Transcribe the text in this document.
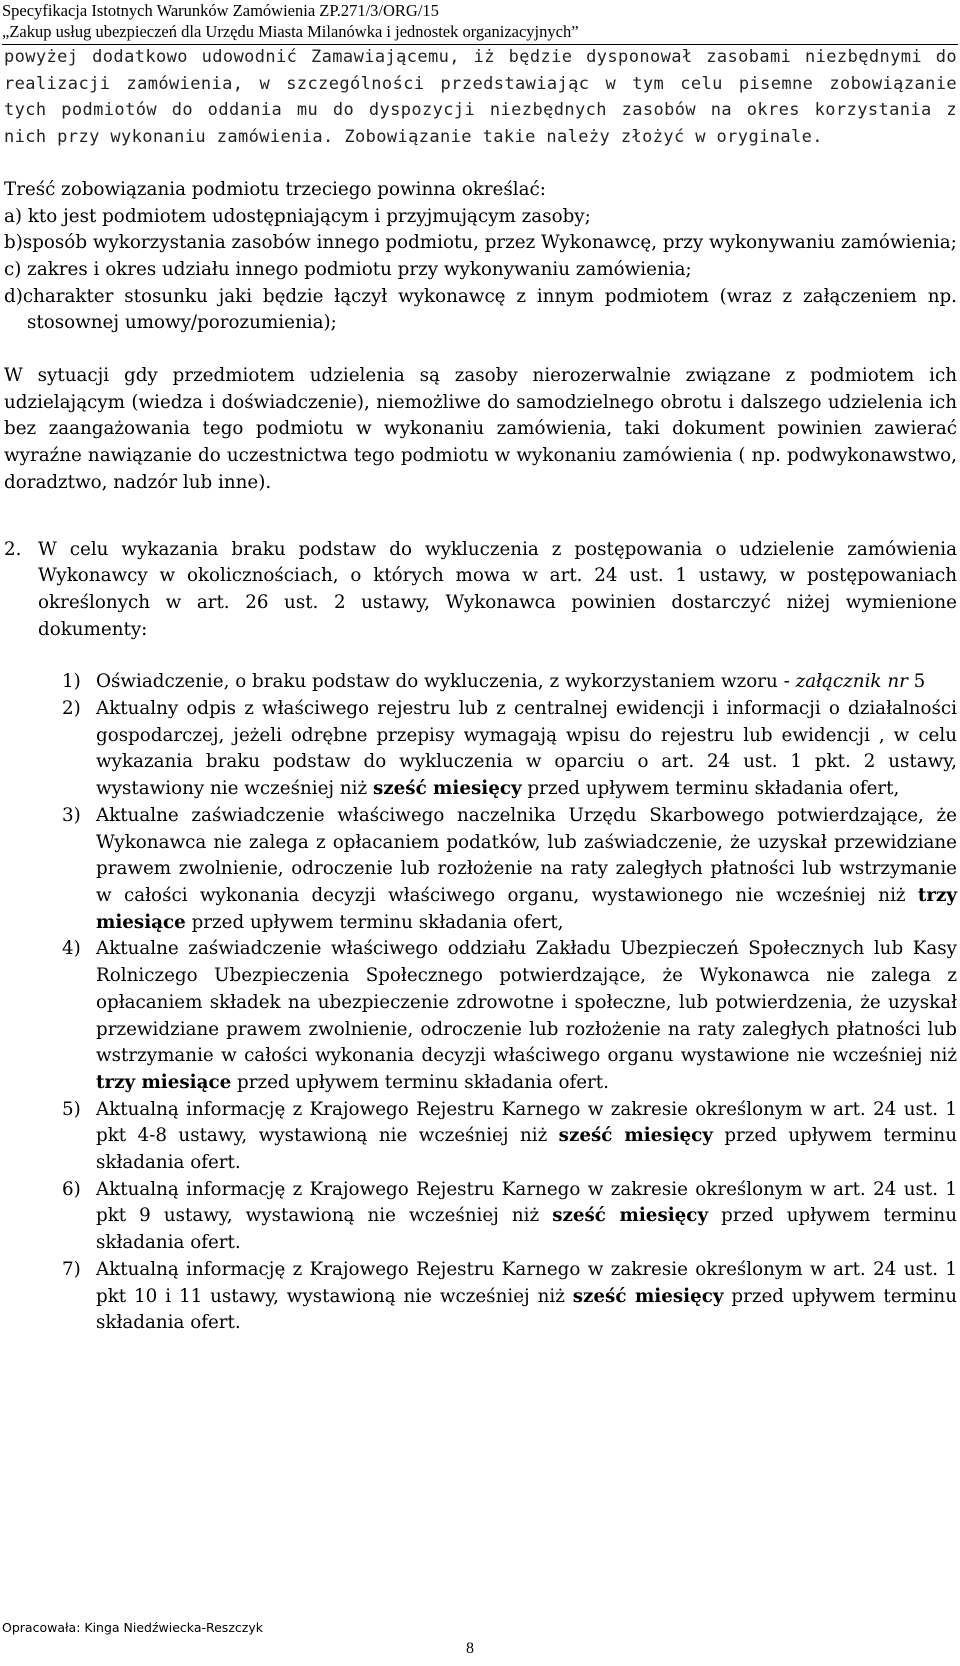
Specyfikacja Istotnych Warunków Zamówienia ZP.271/3/ORG/15
„Zakup usług ubezpieczeń dla Urzędu Miasta Milanówka i jednostek organizacyjnych”

powyżej dodatkowo udowodnić Zamawiającemu, iż będzie dysponował zasobami niezbędnymi do realizacji zamówienia, w szczególności przedstawiając w tym celu pisemne zobowiązanie tych podmiotów do oddania mu do dyspozycji niezbędnych zasobów na okres korzystania z nich przy wykonaniu zamówienia. Zobowiązanie takie należy złożyć w oryginale.

Treść zobowiązania podmiotu trzeciego powinna określać:

a) kto jest podmiotem udostępniającym i przyjmującym zasoby;

b)sposób wykorzystania zasobów innego podmiotu, przez Wykonawcę, przy wykonywaniu zamówienia;

c) zakres i okres udziału innego podmiotu przy wykonywaniu zamówienia;

d)charakter stosunku jaki będzie łączył wykonawcę z innym podmiotem (wraz z załączeniem np. stosownej umowy/porozumienia);

W sytuacji gdy przedmiotem udzielenia są zasoby nierozerwalnie związane z podmiotem ich udzielającym (wiedza i doświadczenie), niemożliwe do samodzielnego obrotu i dalszego udzielenia ich bez zaangażowania tego podmiotu w wykonaniu zamówienia, taki dokument powinien zawierać wyraźne nawiązanie do uczestnictwa tego podmiotu w wykonaniu zamówienia ( np. podwykonawstwo, doradztwo, nadzór lub inne).

2. W celu wykazania braku podstaw do wykluczenia z postępowania o udzielenie zamówienia Wykonawcy w okolicznościach, o których mowa w art. 24 ust. 1 ustawy, w postępowaniach określonych w art. 26 ust. 2 ustawy, Wykonawca powinien dostarczyć niżej wymienione dokumenty:

1) Oświadczenie, o braku podstaw do wykluczenia, z wykorzystaniem wzoru - załącznik nr 5

2) Aktualny odpis z właściwego rejestru lub z centralnej ewidencji i informacji o działalności gospodarczej, jeżeli odrębne przepisy wymagają wpisu do rejestru lub ewidencji , w celu wykazania braku podstaw do wykluczenia w oparciu o art. 24 ust. 1 pkt. 2 ustawy, wystawiony nie wcześniej niż sześć miesięcy przed upływem terminu składania ofert,

3) Aktualne zaświadczenie właściwego naczelnika Urzędu Skarbowego potwierdzające, że Wykonawca nie zalega z opłacaniem podatków, lub zaświadczenie, że uzyskał przewidziane prawem zwolnienie, odroczenie lub rozłożenie na raty zaległych płatności lub wstrzymanie w całości wykonania decyzji właściwego organu, wystawionego nie wcześniej niż trzy miesiące przed upływem terminu składania ofert,

4) Aktualne zaświadczenie właściwego oddziału Zakładu Ubezpieczeń Społecznych lub Kasy Rolniczego Ubezpieczenia Społecznego potwierdzające, że Wykonawca nie zalega z opłacaniem składek na ubezpieczenie zdrowotne i społeczne, lub potwierdzenia, że uzyskał przewidziane prawem zwolnienie, odroczenie lub rozłożenie na raty zaległych płatności lub wstrzymanie w całości wykonania decyzji właściwego organu wystawione nie wcześniej niż trzy miesiące przed upływem terminu składania ofert.

5) Aktualną informację z Krajowego Rejestru Karnego w zakresie określonym w art. 24 ust. 1 pkt 4-8 ustawy, wystawioną nie wcześniej niż sześć miesięcy przed upływem terminu składania ofert.

6) Aktualną informację z Krajowego Rejestru Karnego w zakresie określonym w art. 24 ust. 1 pkt 9 ustawy, wystawioną nie wcześniej niż sześć miesięcy przed upływem terminu składania ofert.

7) Aktualną informację z Krajowego Rejestru Karnego w zakresie określonym w art. 24 ust. 1 pkt 10 i 11 ustawy, wystawioną nie wcześniej niż sześć miesięcy przed upływem terminu składania ofert.

Opracowała: Kinga Niedźwiecka-Reszczyk
8
